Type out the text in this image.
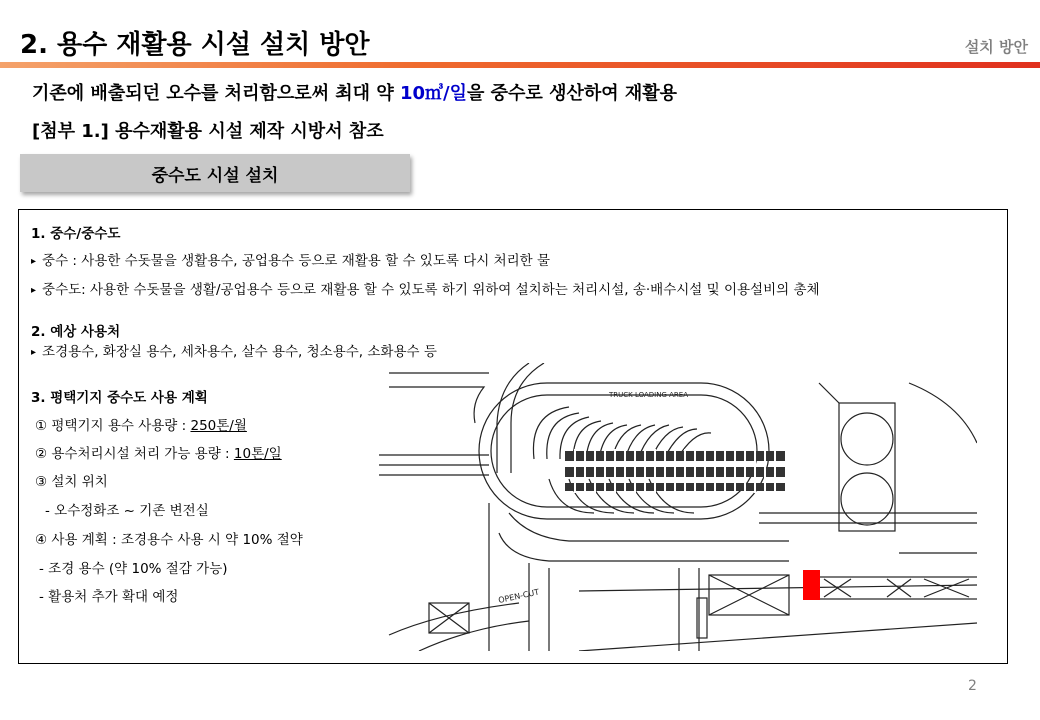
2. 용수 재활용 시설 설치 방안	설치 방안
기존에 배출되던 오수를 처리함으로써 최대 약 10㎥/일을 중수로 생산하여 재활용
[첨부 1.] 용수재활용 시설 제작 시방서 참조
중수도 시설 설치
1. 중수/중수도
▸ 중수 : 사용한 수돗물을 생활용수, 공업용수 등으로 재활용 할 수 있도록 다시 처리한 물
▸ 중수도: 사용한 수돗물을 생활/공업용수 등으로 재활용 할 수 있도록 하기 위하여 설치하는 처리시설, 송·배수시설 및 이용설비의 총체
2. 예상 사용처
▸ 조경용수, 화장실 용수, 세차용수, 살수 용수, 청소용수, 소화용수 등
3. 평택기지 중수도 사용 계획
① 평택기지 용수 사용량 : 250톤/월
② 용수처리시설 처리 가능 용량 : 10톤/일
③ 설치 위치
- 오수정화조 ~ 기존 변전실
④ 사용 계획 : 조경용수 사용 시 약 10% 절약
- 조경 용수 (약 10% 절감 가능)
- 활용처 추가 확대 예정
TRUCK LOADING AREA
OPEN-CUT
2
